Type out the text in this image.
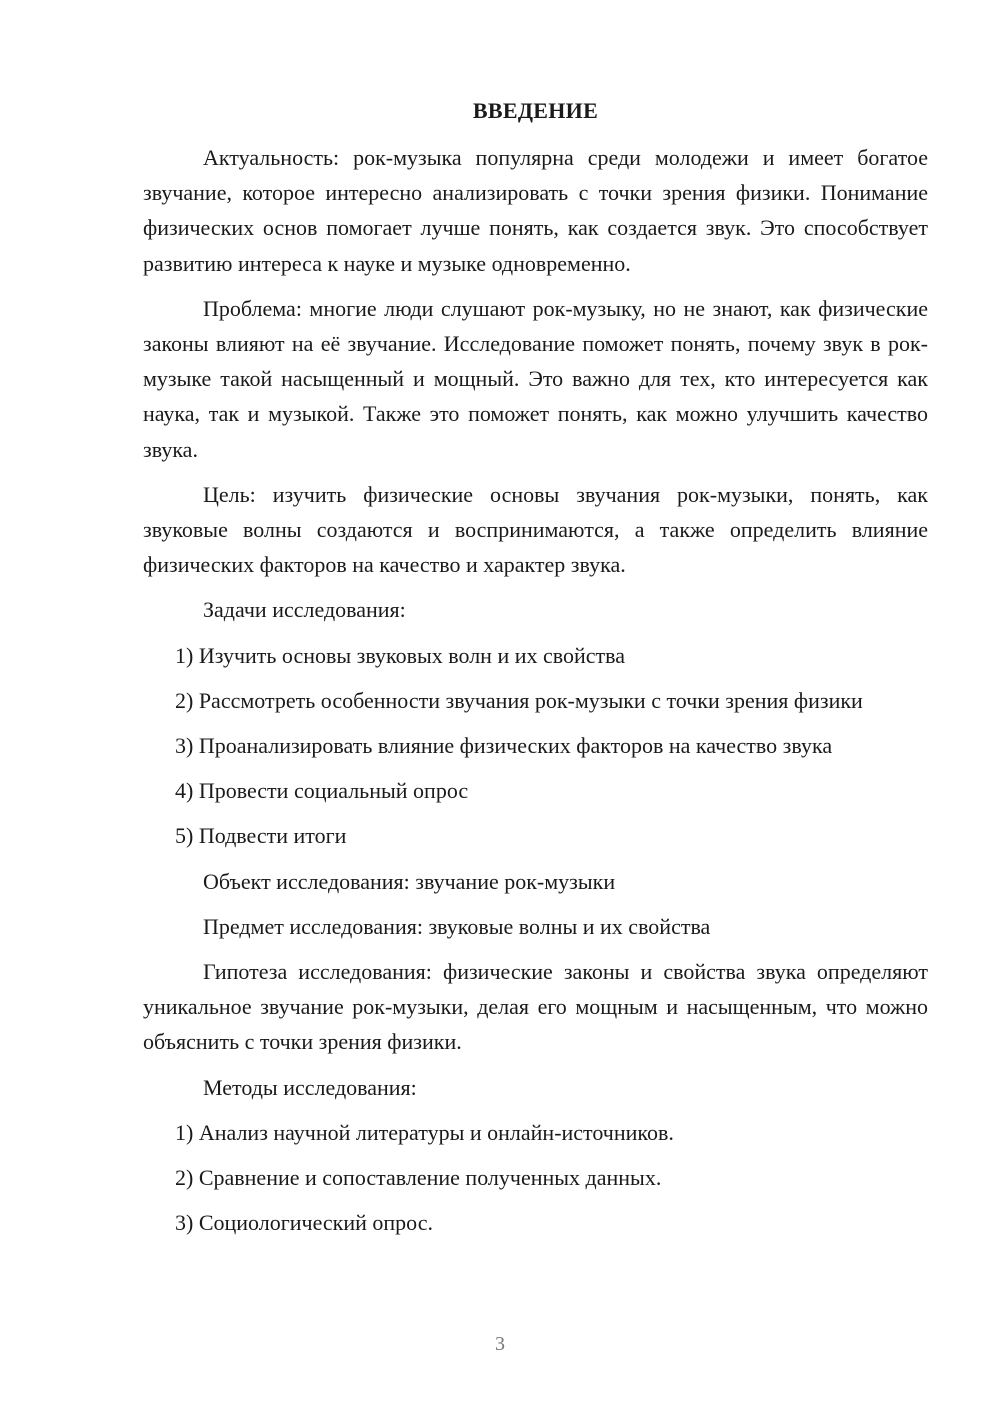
ВВЕДЕНИЕ

Актуальность: рок-музыка популярна среди молодежи и имеет богатое звучание, которое интересно анализировать с точки зрения физики. Понимание физических основ помогает лучше понять, как создается звук. Это способствует развитию интереса к науке и музыке одновременно.

Проблема: многие люди слушают рок-музыку, но не знают, как физические законы влияют на её звучание. Исследование поможет понять, почему звук в рок-музыке такой насыщенный и мощный. Это важно для тех, кто интересуется как наука, так и музыкой. Также это поможет понять, как можно улучшить качество звука.

Цель: изучить физические основы звучания рок-музыки, понять, как звуковые волны создаются и воспринимаются, а также определить влияние физических факторов на качество и характер звука.

Задачи исследования:

1) Изучить основы звуковых волн и их свойства

2) Рассмотреть особенности звучания рок-музыки с точки зрения физики

3) Проанализировать влияние физических факторов на качество звука

4) Провести социальный опрос

5) Подвести итоги

Объект исследования: звучание рок-музыки

Предмет исследования: звуковые волны и их свойства

Гипотеза исследования: физические законы и свойства звука определяют уникальное звучание рок-музыки, делая его мощным и насыщенным, что можно объяснить с точки зрения физики.

Методы исследования:

1) Анализ научной литературы и онлайн-источников.

2) Сравнение и сопоставление полученных данных.

3) Социологический опрос.

3
